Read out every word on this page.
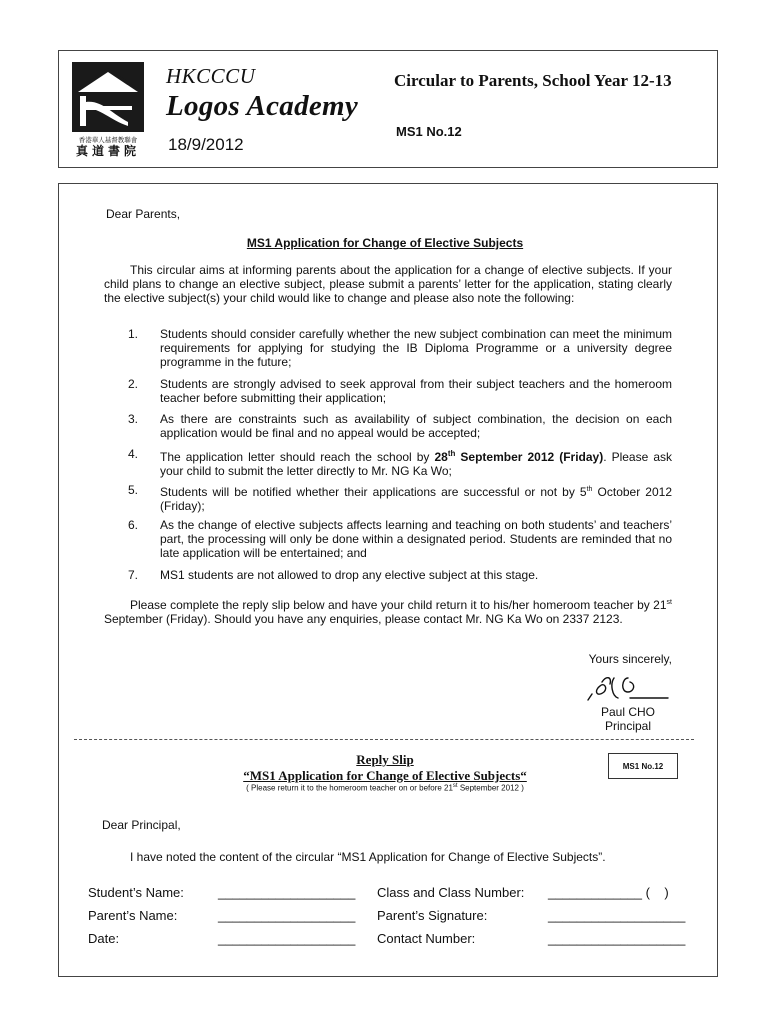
香港華人基督教聯會
真道書院
HKCCCU
Logos Academy
18/9/2012
Circular to Parents, School Year 12-13
MS1 No.12
Dear Parents,
MS1 Application for Change of Elective Subjects

This circular aims at informing parents about the application for a change of elective subjects. If your child plans to change an elective subject, please submit a parents’ letter for the application, stating clearly the elective subject(s) your child would like to change and please also note the following:

1. Students should consider carefully whether the new subject combination can meet the minimum requirements for applying for studying the IB Diploma Programme or a university degree programme in the future;
2. Students are strongly advised to seek approval from their subject teachers and the homeroom teacher before submitting their application;
3. As there are constraints such as availability of subject combination, the decision on each application would be final and no appeal would be accepted;
4. The application letter should reach the school by 28th September 2012 (Friday). Please ask your child to submit the letter directly to Mr. NG Ka Wo;
5. Students will be notified whether their applications are successful or not by 5th October 2012 (Friday);
6. As the change of elective subjects affects learning and teaching on both students’ and teachers’ part, the processing will only be done within a designated period. Students are reminded that no late application will be entertained; and
7. MS1 students are not allowed to drop any elective subject at this stage.

Please complete the reply slip below and have your child return it to his/her homeroom teacher by 21st September (Friday). Should you have any enquiries, please contact Mr. NG Ka Wo on 2337 2123.

Yours sincerely,
Paul CHO
Principal
Reply Slip
“MS1 Application for Change of Elective Subjects“
( Please return it to the homeroom teacher on or before 21st September 2012 )
MS1 No.12
Dear Principal,
I have noted the content of the circular “MS1 Application for Change of Elective Subjects”.
Student’s Name:	___________________ Class and Class Number: _____________ (    )
Parent’s Name:	___________________ Parent’s Signature:	___________________
Date:	___________________ Contact Number:	___________________
